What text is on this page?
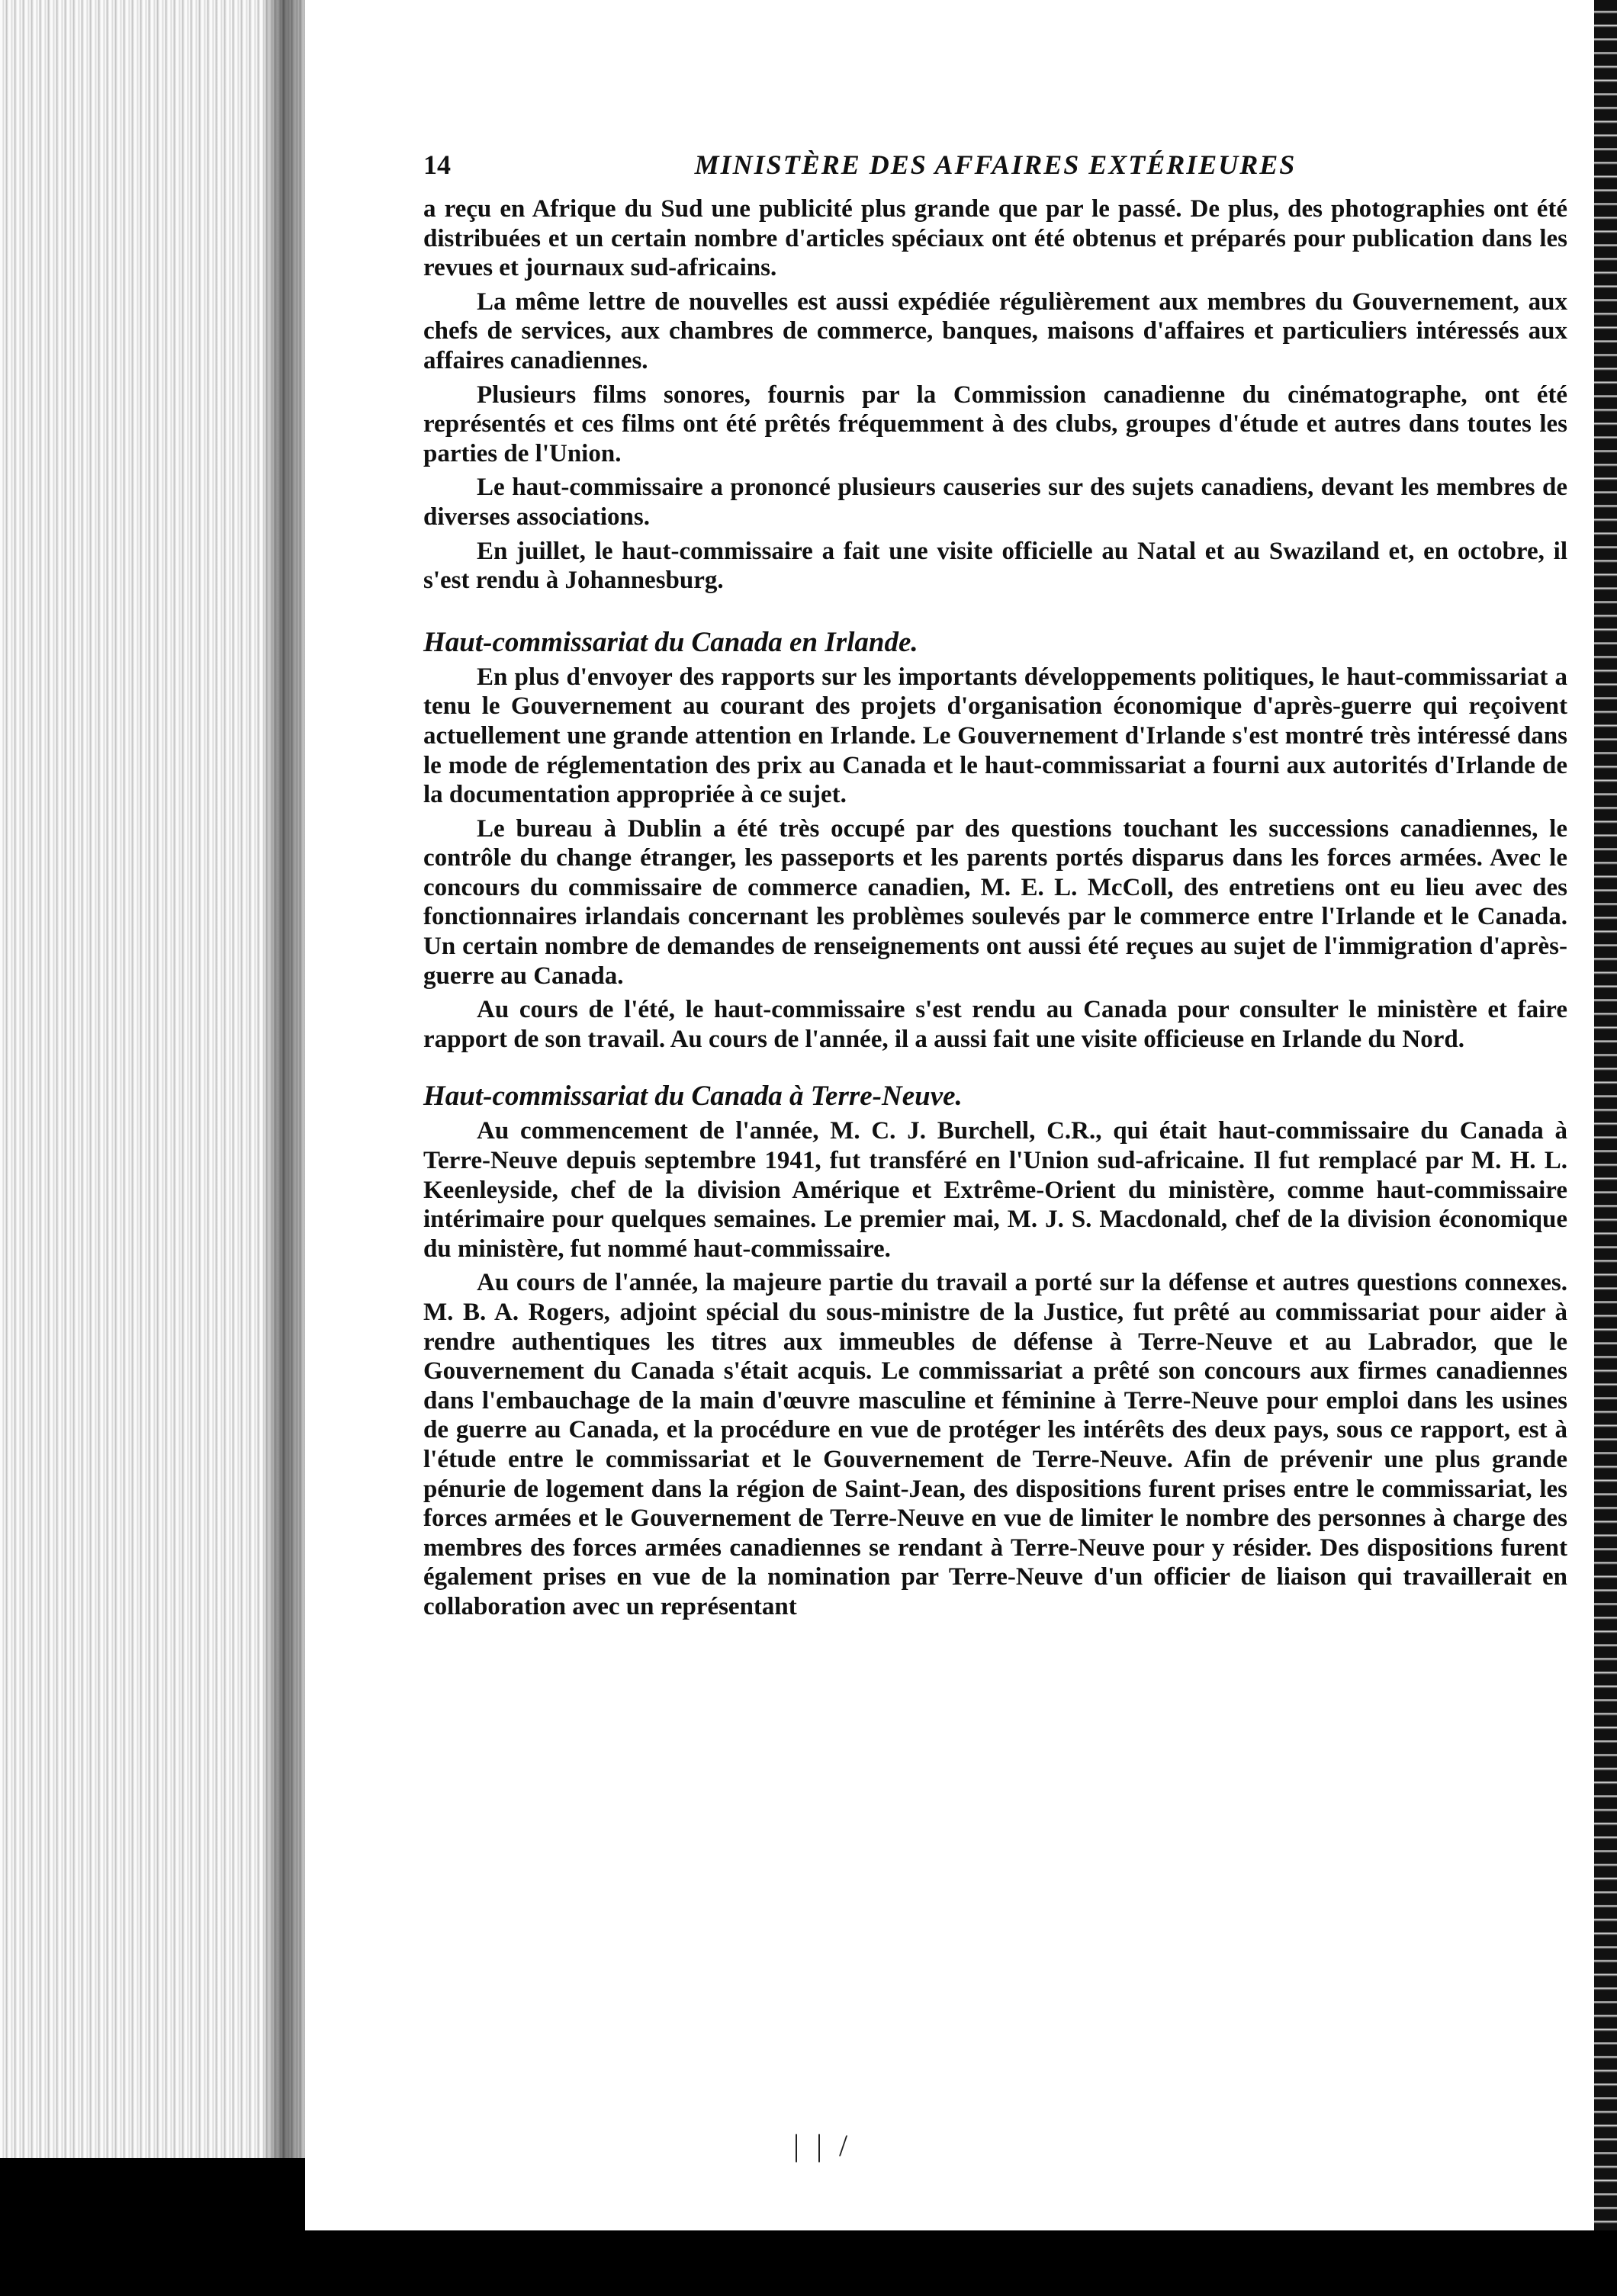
14	MINISTÈRE DES AFFAIRES EXTÉRIEURES

a reçu en Afrique du Sud une publicité plus grande que par le passé. De plus, des photographies ont été distribuées et un certain nombre d'articles spéciaux ont été obtenus et préparés pour publication dans les revues et journaux sud-africains.

La même lettre de nouvelles est aussi expédiée régulièrement aux membres du Gouvernement, aux chefs de services, aux chambres de commerce, banques, maisons d'affaires et particuliers intéressés aux affaires canadiennes.

Plusieurs films sonores, fournis par la Commission canadienne du cinématographe, ont été représentés et ces films ont été prêtés fréquemment à des clubs, groupes d'étude et autres dans toutes les parties de l'Union.

Le haut-commissaire a prononcé plusieurs causeries sur des sujets canadiens, devant les membres de diverses associations.

En juillet, le haut-commissaire a fait une visite officielle au Natal et au Swaziland et, en octobre, il s'est rendu à Johannesburg.

Haut-commissariat du Canada en Irlande.

En plus d'envoyer des rapports sur les importants développements politiques, le haut-commissariat a tenu le Gouvernement au courant des projets d'organisation économique d'après-guerre qui reçoivent actuellement une grande attention en Irlande. Le Gouvernement d'Irlande s'est montré très intéressé dans le mode de réglementation des prix au Canada et le haut-commissariat a fourni aux autorités d'Irlande de la documentation appropriée à ce sujet.

Le bureau à Dublin a été très occupé par des questions touchant les successions canadiennes, le contrôle du change étranger, les passeports et les parents portés disparus dans les forces armées. Avec le concours du commissaire de commerce canadien, M. E. L. McColl, des entretiens ont eu lieu avec des fonctionnaires irlandais concernant les problèmes soulevés par le commerce entre l'Irlande et le Canada. Un certain nombre de demandes de renseignements ont aussi été reçues au sujet de l'immigration d'après-guerre au Canada.

Au cours de l'été, le haut-commissaire s'est rendu au Canada pour consulter le ministère et faire rapport de son travail. Au cours de l'année, il a aussi fait une visite officieuse en Irlande du Nord.

Haut-commissariat du Canada à Terre-Neuve.

Au commencement de l'année, M. C. J. Burchell, C.R., qui était haut-commissaire du Canada à Terre-Neuve depuis septembre 1941, fut transféré en l'Union sud-africaine. Il fut remplacé par M. H. L. Keenleyside, chef de la division Amérique et Extrême-Orient du ministère, comme haut-commissaire intérimaire pour quelques semaines. Le premier mai, M. J. S. Macdonald, chef de la division économique du ministère, fut nommé haut-commissaire.

Au cours de l'année, la majeure partie du travail a porté sur la défense et autres questions connexes. M. B. A. Rogers, adjoint spécial du sous-ministre de la Justice, fut prêté au commissariat pour aider à rendre authentiques les titres aux immeubles de défense à Terre-Neuve et au Labrador, que le Gouvernement du Canada s'était acquis. Le commissariat a prêté son concours aux firmes canadiennes dans l'embauchage de la main d'œuvre masculine et féminine à Terre-Neuve pour emploi dans les usines de guerre au Canada, et la procédure en vue de protéger les intérêts des deux pays, sous ce rapport, est à l'étude entre le commissariat et le Gouvernement de Terre-Neuve. Afin de prévenir une plus grande pénurie de logement dans la région de Saint-Jean, des dispositions furent prises entre le commissariat, les forces armées et le Gouvernement de Terre-Neuve en vue de limiter le nombre des personnes à charge des membres des forces armées canadiennes se rendant à Terre-Neuve pour y résider. Des dispositions furent également prises en vue de la nomination par Terre-Neuve d'un officier de liaison qui travaillerait en collaboration avec un représentant

| | /
